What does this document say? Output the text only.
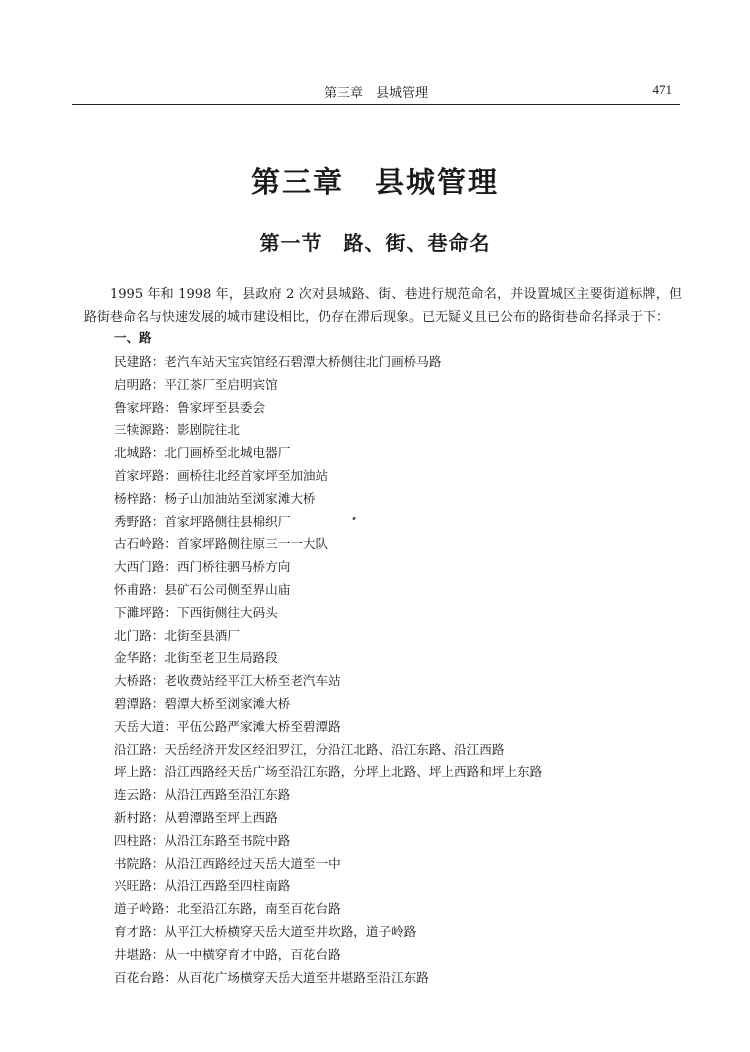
第三章　县城管理	471
第三章　县城管理
第一节　路、街、巷命名

1995 年和 1998 年，县政府 2 次对县城路、街、巷进行规范命名，并设置城区主要街道标牌，但路街巷命名与快速发展的城市建设相比，仍存在滞后现象。已无疑义且已公布的路街巷命名择录于下：

一、路
民建路：老汽车站天宝宾馆经石碧潭大桥侧往北门画桥马路
启明路：平江茶厂至启明宾馆
鲁家坪路：鲁家坪至县委会
三犊源路：影剧院往北
北城路：北门画桥至北城电器厂
首家坪路：画桥往北经首家坪至加油站
杨梓路：杨子山加油站至浏家滩大桥
秀野路：首家坪路侧往县棉织厂
古石岭路：首家坪路侧往原三一一大队
大西门路：西门桥往驷马桥方向
怀甫路：县矿石公司侧至界山庙
下濉坪路：下西街侧往大码头
北门路：北街至县酒厂
金华路：北街至老卫生局路段
大桥路：老收费站经平江大桥至老汽车站
碧潭路：碧潭大桥至浏家滩大桥
天岳大道：平伍公路严家滩大桥至碧潭路
沿江路：天岳经济开发区经汨罗江，分沿江北路、沿江东路、沿江西路
坪上路：沿江西路经天岳广场至沿江东路，分坪上北路、坪上西路和坪上东路
连云路：从沿江西路至沿江东路
新村路：从碧潭路至坪上西路
四柱路：从沿江东路至书院中路
书院路：从沿江西路经过天岳大道至一中
兴旺路：从沿江西路至四柱南路
道子岭路：北至沿江东路，南至百花台路
育才路：从平江大桥横穿天岳大道至井坎路，道子岭路
井堪路：从一中横穿育才中路，百花台路
百花台路：从百花广场横穿天岳大道至井堪路至沿江东路
